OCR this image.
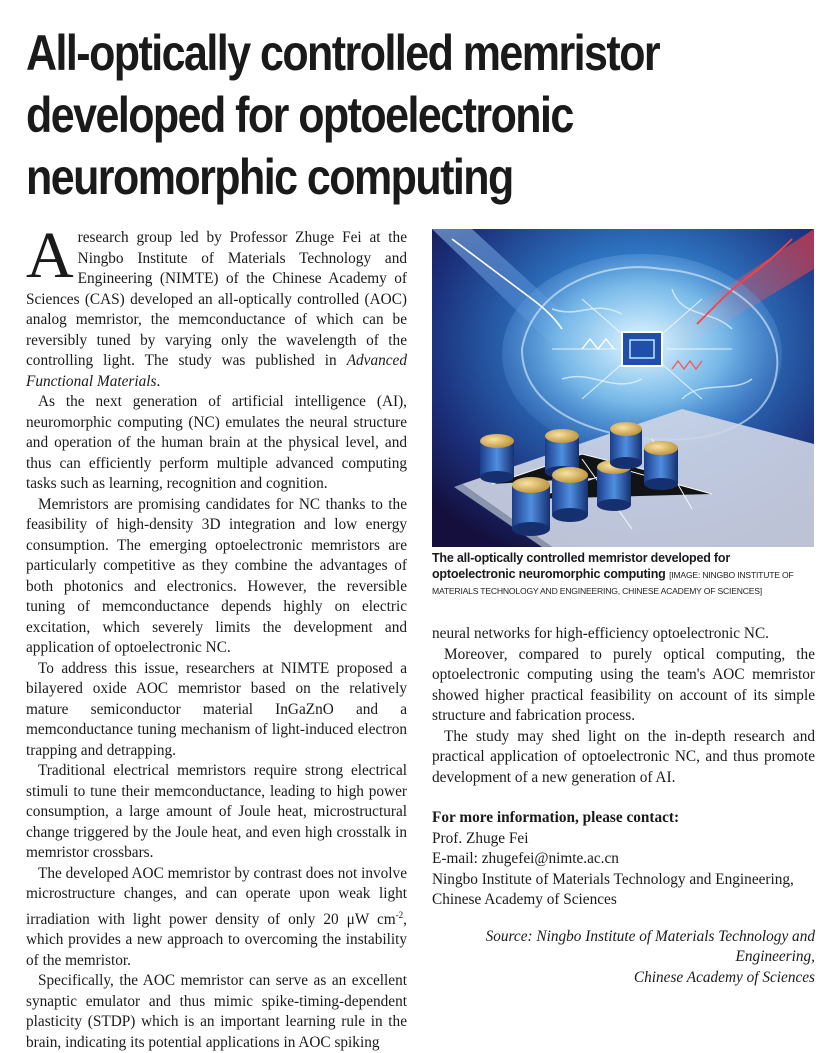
All-optically controlled memristor
developed for optoelectronic
neuromorphic computing

Aresearch group led by Professor Zhuge Fei at the Ningbo Institute of Materials Technology and Engineering (NIMTE) of the Chinese Academy of Sciences (CAS) developed an all-optically controlled (AOC) analog memristor, the memconductance of which can be reversibly tuned by varying only the wavelength of the controlling light. The study was published in Advanced Functional Materials.

As the next generation of artificial intelligence (AI), neuromorphic computing (NC) emulates the neural structure and operation of the human brain at the physical level, and thus can efficiently perform multiple advanced computing tasks such as learning, recognition and cognition.

Memristors are promising candidates for NC thanks to the feasibility of high-density 3D integration and low energy consumption. The emerging optoelectronic memristors are particularly competitive as they combine the advantages of both photonics and electronics. However, the reversible tuning of memconductance depends highly on electric excitation, which severely limits the development and application of optoelectronic NC.

To address this issue, researchers at NIMTE proposed a bilayered oxide AOC memristor based on the relatively mature semiconductor material InGaZnO and a memconductance tuning mechanism of light-induced electron trapping and detrapping.

Traditional electrical memristors require strong electrical stimuli to tune their memconductance, leading to high power consumption, a large amount of Joule heat, microstructural change triggered by the Joule heat, and even high crosstalk in memristor crossbars.

The developed AOC memristor by contrast does not involve microstructure changes, and can operate upon weak light irradiation with light power density of only 20 μW $cm^{-2}$, which provides a new approach to overcoming the instability of the memristor.

Specifically, the AOC memristor can serve as an excellent synaptic emulator and thus mimic spike-timing-dependent plasticity (STDP) which is an important learning rule in the brain, indicating its potential applications in AOC spiking

The all-optically controlled memristor developed for optoelectronic neuromorphic computing [IMAGE: NINGBO INSTITUTE OF MATERIALS TECHNOLOGY AND ENGINEERING, CHINESE ACADEMY OF SCIENCES]

neural networks for high-efficiency optoelectronic NC.

Moreover, compared to purely optical computing, the optoelectronic computing using the team's AOC memristor showed higher practical feasibility on account of its simple structure and fabrication process.

The study may shed light on the in-depth research and practical application of optoelectronic NC, and thus promote development of a new generation of AI.

For more information, please contact:
Prof. Zhuge Fei
E-mail: zhugefei@nimte.ac.cn
Ningbo Institute of Materials Technology and Engineering,
Chinese Academy of Sciences
Source: Ningbo Institute of Materials Technology and Engineering,
Chinese Academy of Sciences
